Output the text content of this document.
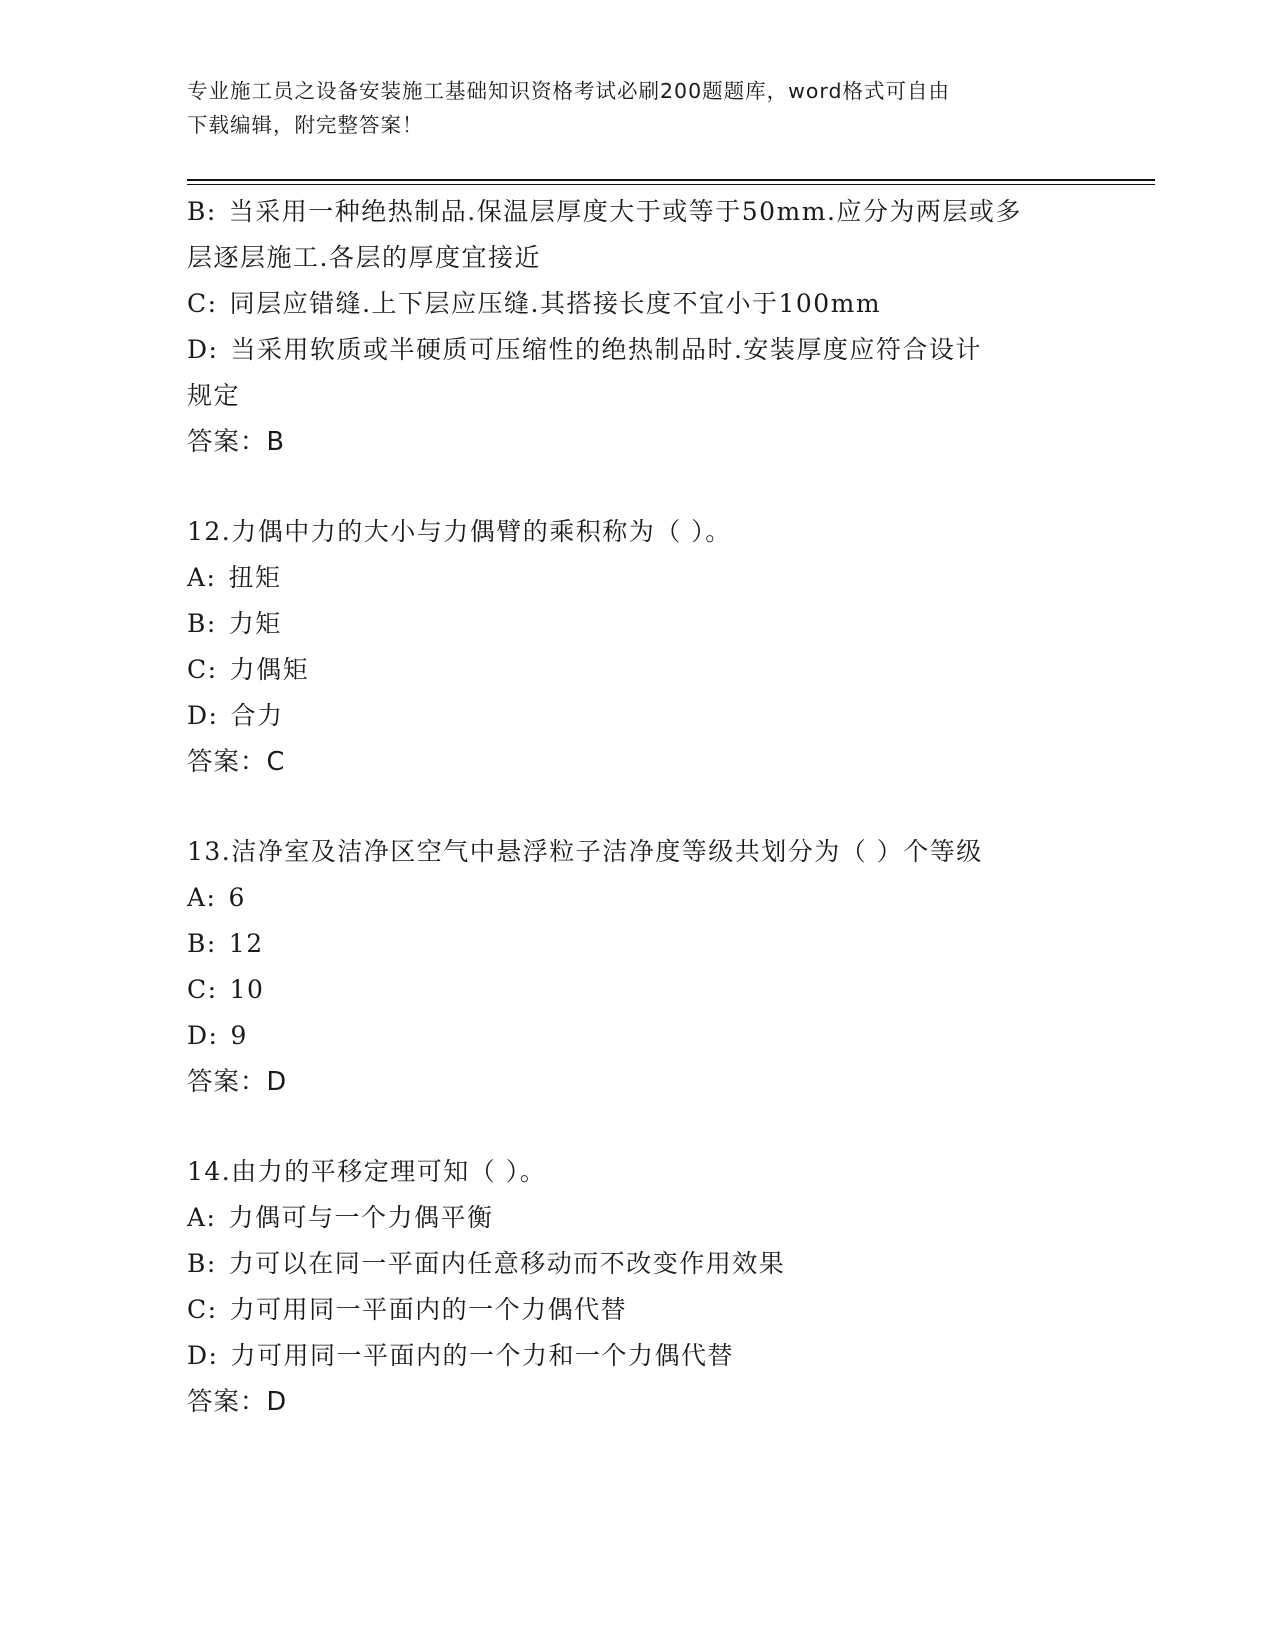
专业施工员之设备安装施工基础知识资格考试必刷200题题库，word格式可自由
下载编辑，附完整答案！
B: 当采用一种绝热制品.保温层厚度大于或等于50mm.应分为两层或多
层逐层施工.各层的厚度宜接近
C: 同层应错缝.上下层应压缝.其搭接长度不宜小于100mm
D: 当采用软质或半硬质可压缩性的绝热制品时.安装厚度应符合设计
规定
答案：B
12.力偶中力的大小与力偶臂的乘积称为（ ）。
A: 扭矩
B: 力矩
C: 力偶矩
D: 合力
答案：C
13.洁净室及洁净区空气中悬浮粒子洁净度等级共划分为（ ）个等级
A: 6
B: 12
C: 10
D: 9
答案：D
14.由力的平移定理可知（ ）。
A: 力偶可与一个力偶平衡
B: 力可以在同一平面内任意移动而不改变作用效果
C: 力可用同一平面内的一个力偶代替
D: 力可用同一平面内的一个力和一个力偶代替
答案：D
